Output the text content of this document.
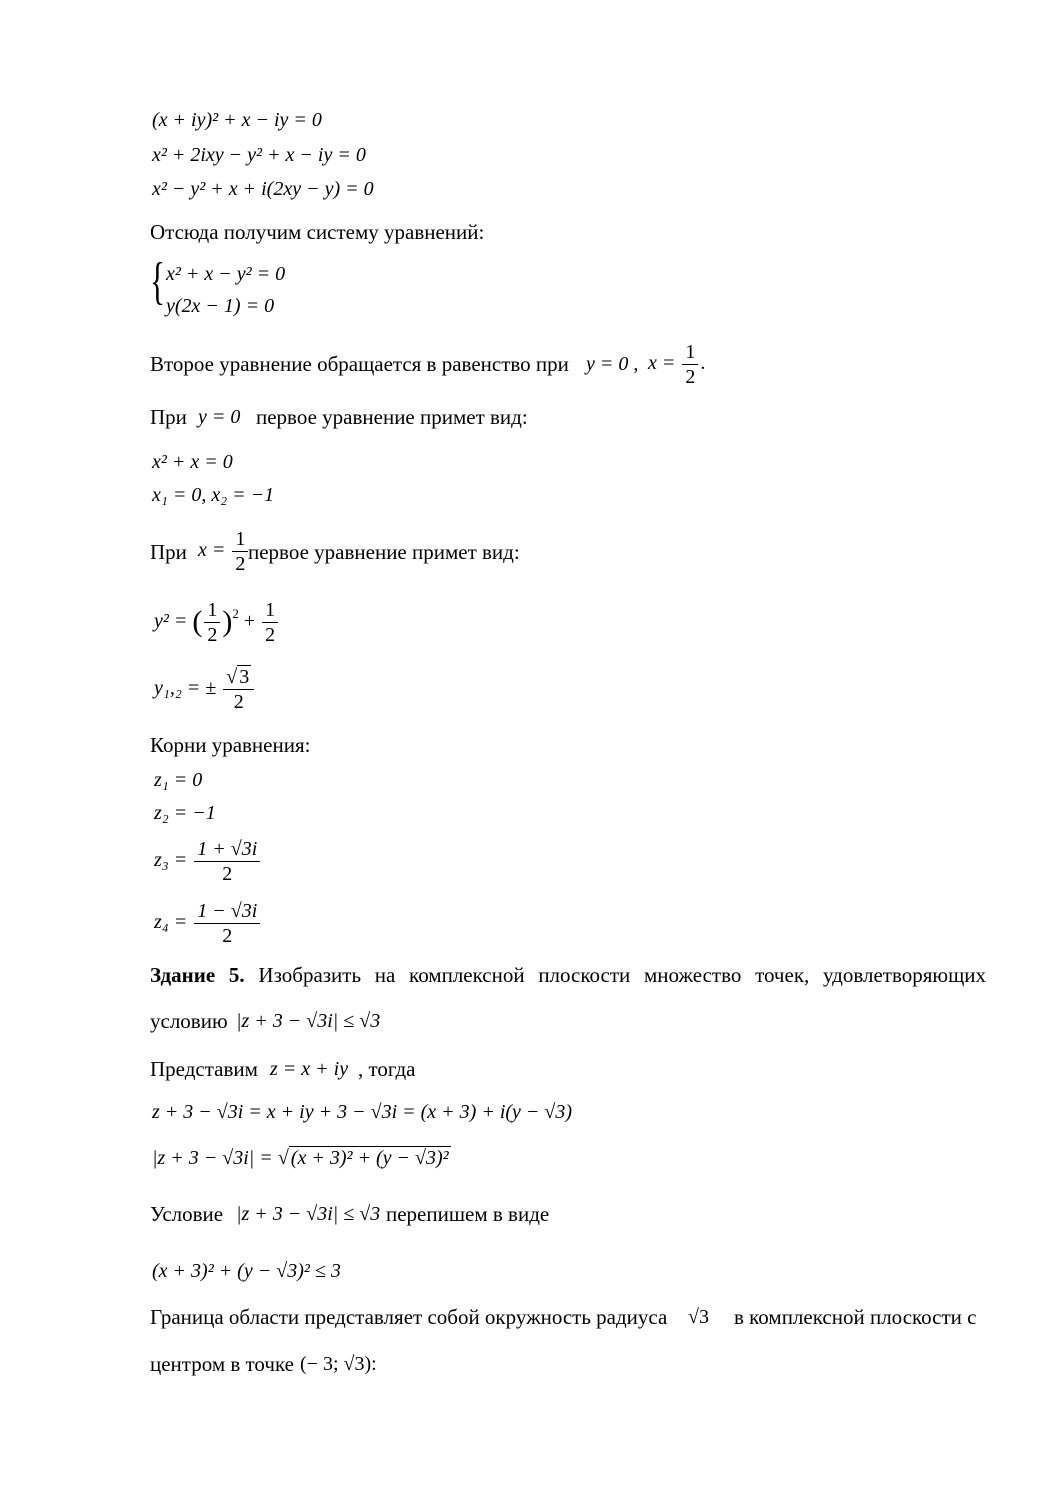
(x + iy)² + x − iy = 0
x² + 2ixy − y² + x − iy = 0
x² − y² + x + i(2xy − y) = 0
Отсюда получим систему уравнений:
{ x² + x − y² = 0
y(2x − 1) = 0
Второе уравнение обращается в равенство при y = 0 , $x = \frac{1}{2}$ .
При y = 0 первое уравнение примет вид:
x² + x = 0
x₁ = 0, x₂ = −1
При $x = \frac{1}{2}$ первое уравнение примет вид:
y² = ( $\frac{1}{2} )^2 + \frac{1}{2}$
y₁,₂ = ± $\frac{√ 3}{2}$
Корни уравнения:
z₁ = 0
z₂ = −1
$z_3 = \frac{1 + √3i}{2}$
$z_4 = \frac{1 - √3i}{2}$
Здание 5. Изобразить на комплексной плоскости множество точек, удовлетворяющих
условию |z + 3 − √3i| ≤ √3
Представим z = x + iy , тогда
z + 3 − √3i = x + iy + 3 − √3i = (x + 3) + i(y − √3)
|z + 3 − √3i| = √ (x + 3)² + (y − √3)²
Условие |z + 3 − √3i| ≤ √3 перепишем в виде
(x + 3)² + (y − √3)² ≤ 3
Граница области представляет собой окружность радиуса √3 в комплексной плоскости с
центром в точке (− 3; √3):
